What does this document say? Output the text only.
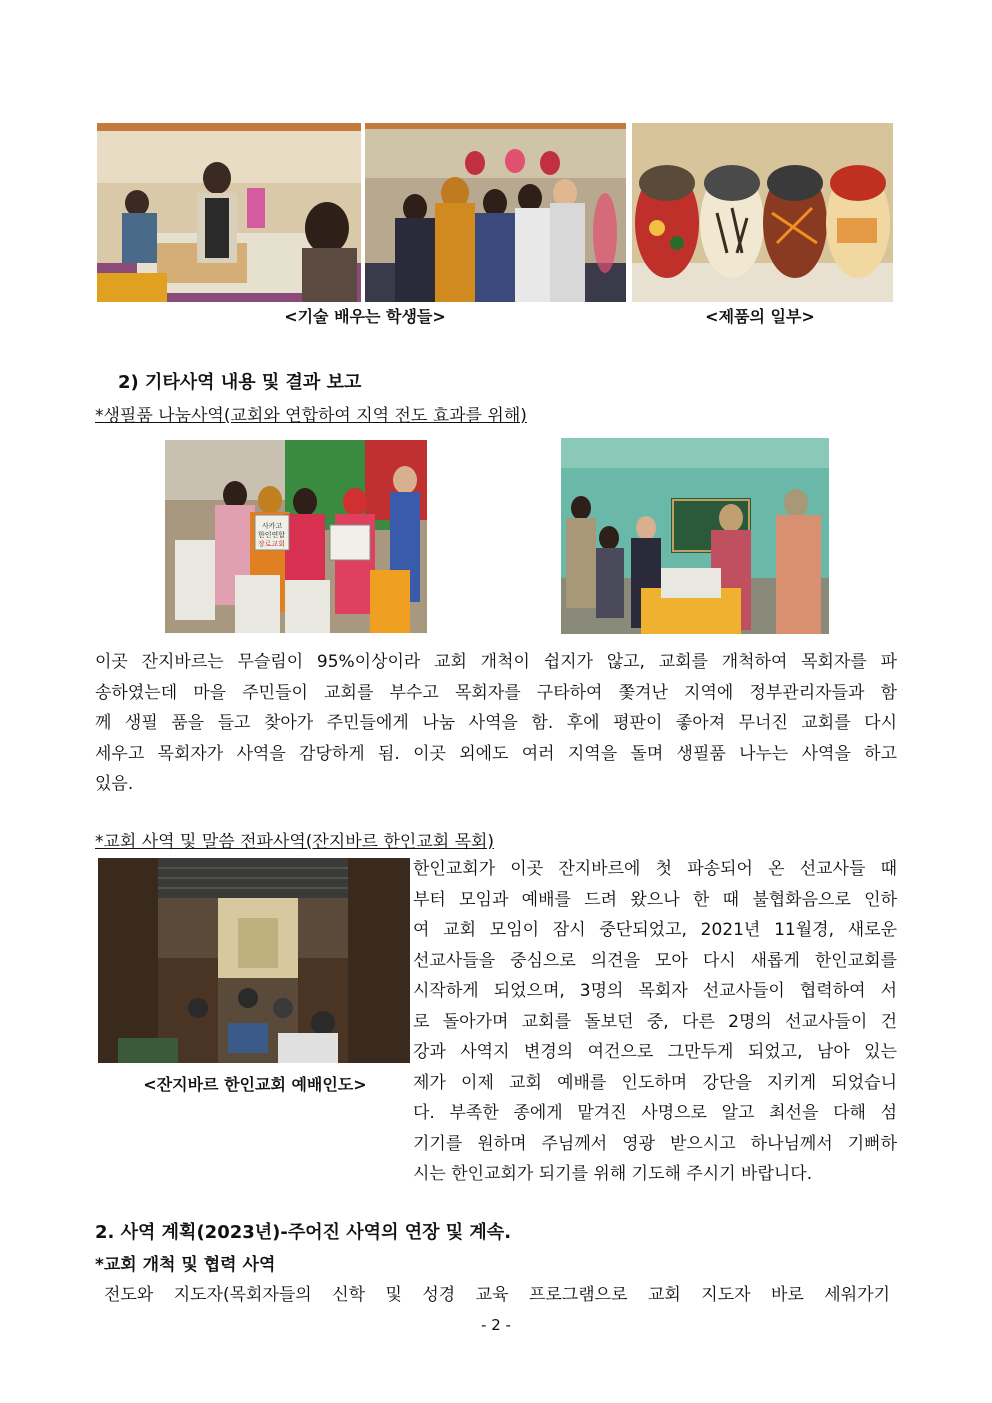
<기술 배우는 학생들>	<제품의 일부>
2) 기타사역 내용 및 결과 보고
*생필품 나눔사역(교회와 연합하여 지역 전도 효과를 위해)
사카고
한인연합
장로교회
이곳 잔지바르는 무슬림이 95%이상이라 교회 개척이 쉽지가 않고, 교회를 개척하여 목회자를 파
송하였는데 마을 주민들이 교회를 부수고 목회자를 구타하여 쫓겨난 지역에 정부관리자들과 함
께 생필 품을 들고 찾아가 주민들에게 나눔 사역을 함. 후에 평판이 좋아져 무너진 교회를 다시
세우고 목회자가 사역을 감당하게 됨. 이곳 외에도 여러 지역을 돌며 생필품 나누는 사역을 하고
있음.
*교회 사역 및 말씀 전파사역(잔지바르 한인교회 목회)
<잔지바르 한인교회 예배인도>
한인교회가 이곳 잔지바르에 첫 파송되어 온 선교사들 때
부터 모임과 예배를 드려 왔으나 한 때 불협화음으로 인하
여 교회 모임이 잠시 중단되었고, 2021년 11월경, 새로운
선교사들을 중심으로 의견을 모아 다시 새롭게 한인교회를
시작하게 되었으며, 3명의 목회자 선교사들이 협력하여 서
로 돌아가며 교회를 돌보던 중, 다른 2명의 선교사들이 건
강과 사역지 변경의 여건으로 그만두게 되었고, 남아 있는
제가 이제 교회 예배를 인도하며 강단을 지키게 되었습니
다. 부족한 종에게 맡겨진 사명으로 알고 최선을 다해 섬
기기를 원하며 주님께서 영광 받으시고 하나님께서 기뻐하
시는 한인교회가 되기를 위해 기도해 주시기 바랍니다.
2. 사역 계획(2023년)-주어진 사역의 연장 및 계속.
*교회 개척 및 협력 사역
전도와 지도자(목회자들의 신학 및 성경 교육 프로그램으로 교회 지도자 바로 세워가기
- 2 -
